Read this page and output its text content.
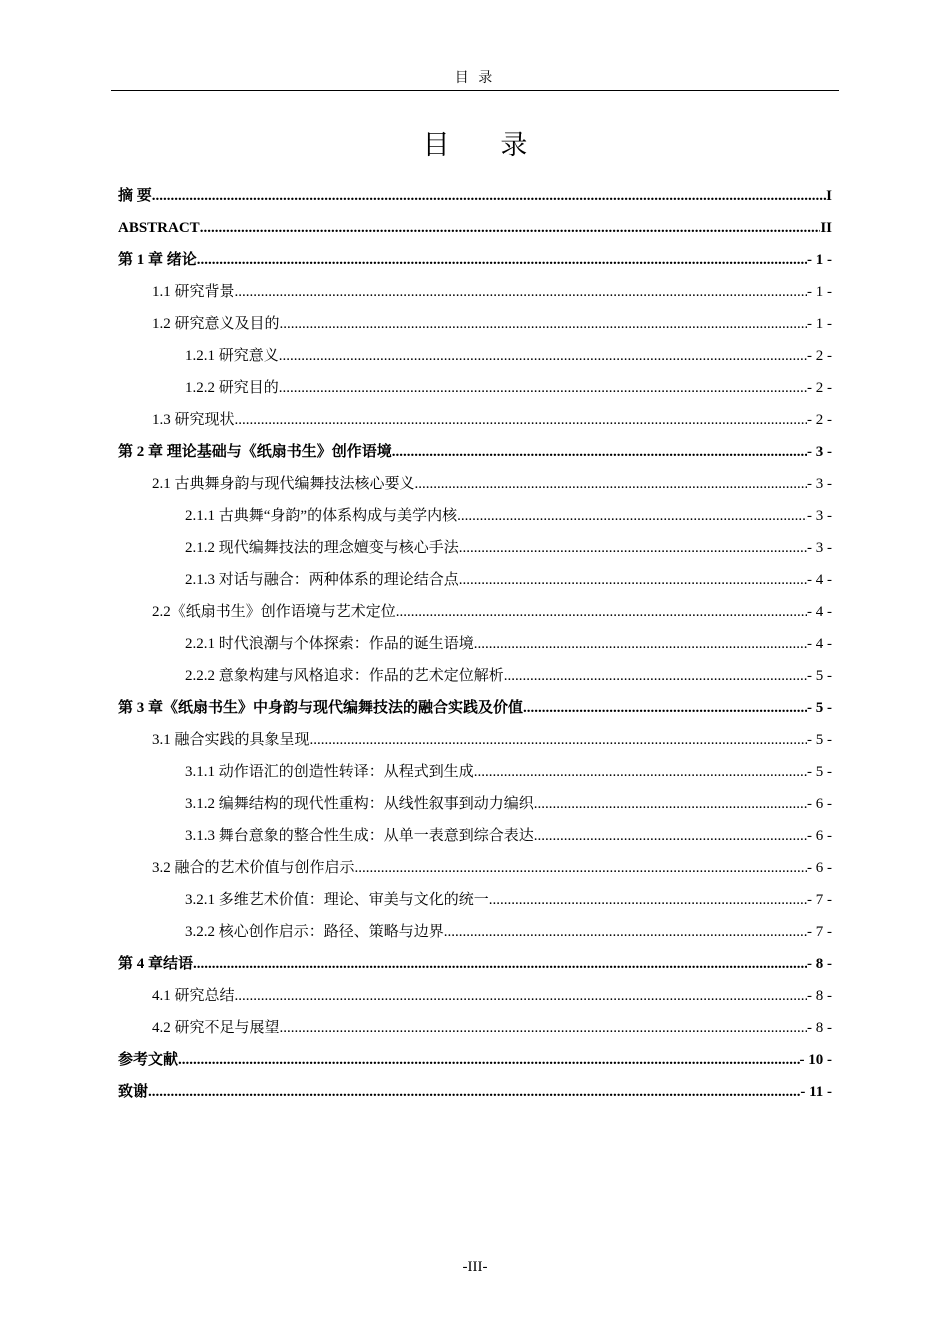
目 录
目 录
摘 要 .....	I
ABSTRACT .....	II
第 1 章 绪论 .....	- 1 -
1.1 研究背景 .....	- 1 -
1.2 研究意义及目的 .....	- 1 -
1.2.1 研究意义 .....	- 2 -
1.2.2 研究目的 .....	- 2 -
1.3 研究现状 .....	- 2 -
第 2 章 理论基础与《纸扇书生》创作语境 .....	- 3 -
2.1 古典舞身韵与现代编舞技法核心要义 .....	- 3 -
2.1.1 古典舞“身韵”的体系构成与美学内核 .....	- 3 -
2.1.2 现代编舞技法的理念嬗变与核心手法 .....	- 3 -
2.1.3 对话与融合：两种体系的理论结合点 .....	- 4 -
2.2《纸扇书生》创作语境与艺术定位 .....	- 4 -
2.2.1 时代浪潮与个体探索：作品的诞生语境 .....	- 4 -
2.2.2 意象构建与风格追求：作品的艺术定位解析 .....	- 5 -
第 3 章《纸扇书生》中身韵与现代编舞技法的融合实践及价值 .....	- 5 -
3.1 融合实践的具象呈现 .....	- 5 -
3.1.1 动作语汇的创造性转译：从程式到生成 .....	- 5 -
3.1.2 编舞结构的现代性重构：从线性叙事到动力编织 .....	- 6 -
3.1.3 舞台意象的整合性生成：从单一表意到综合表达 .....	- 6 -
3.2 融合的艺术价值与创作启示 .....	- 6 -
3.2.1 多维艺术价值：理论、审美与文化的统一 .....	- 7 -
3.2.2 核心创作启示：路径、策略与边界 .....	- 7 -
第 4 章结语 .....	- 8 -
4.1 研究总结 .....	- 8 -
4.2 研究不足与展望 .....	- 8 -
参考文献 .....	- 10 -
致谢 .....	- 11 -
-III-
